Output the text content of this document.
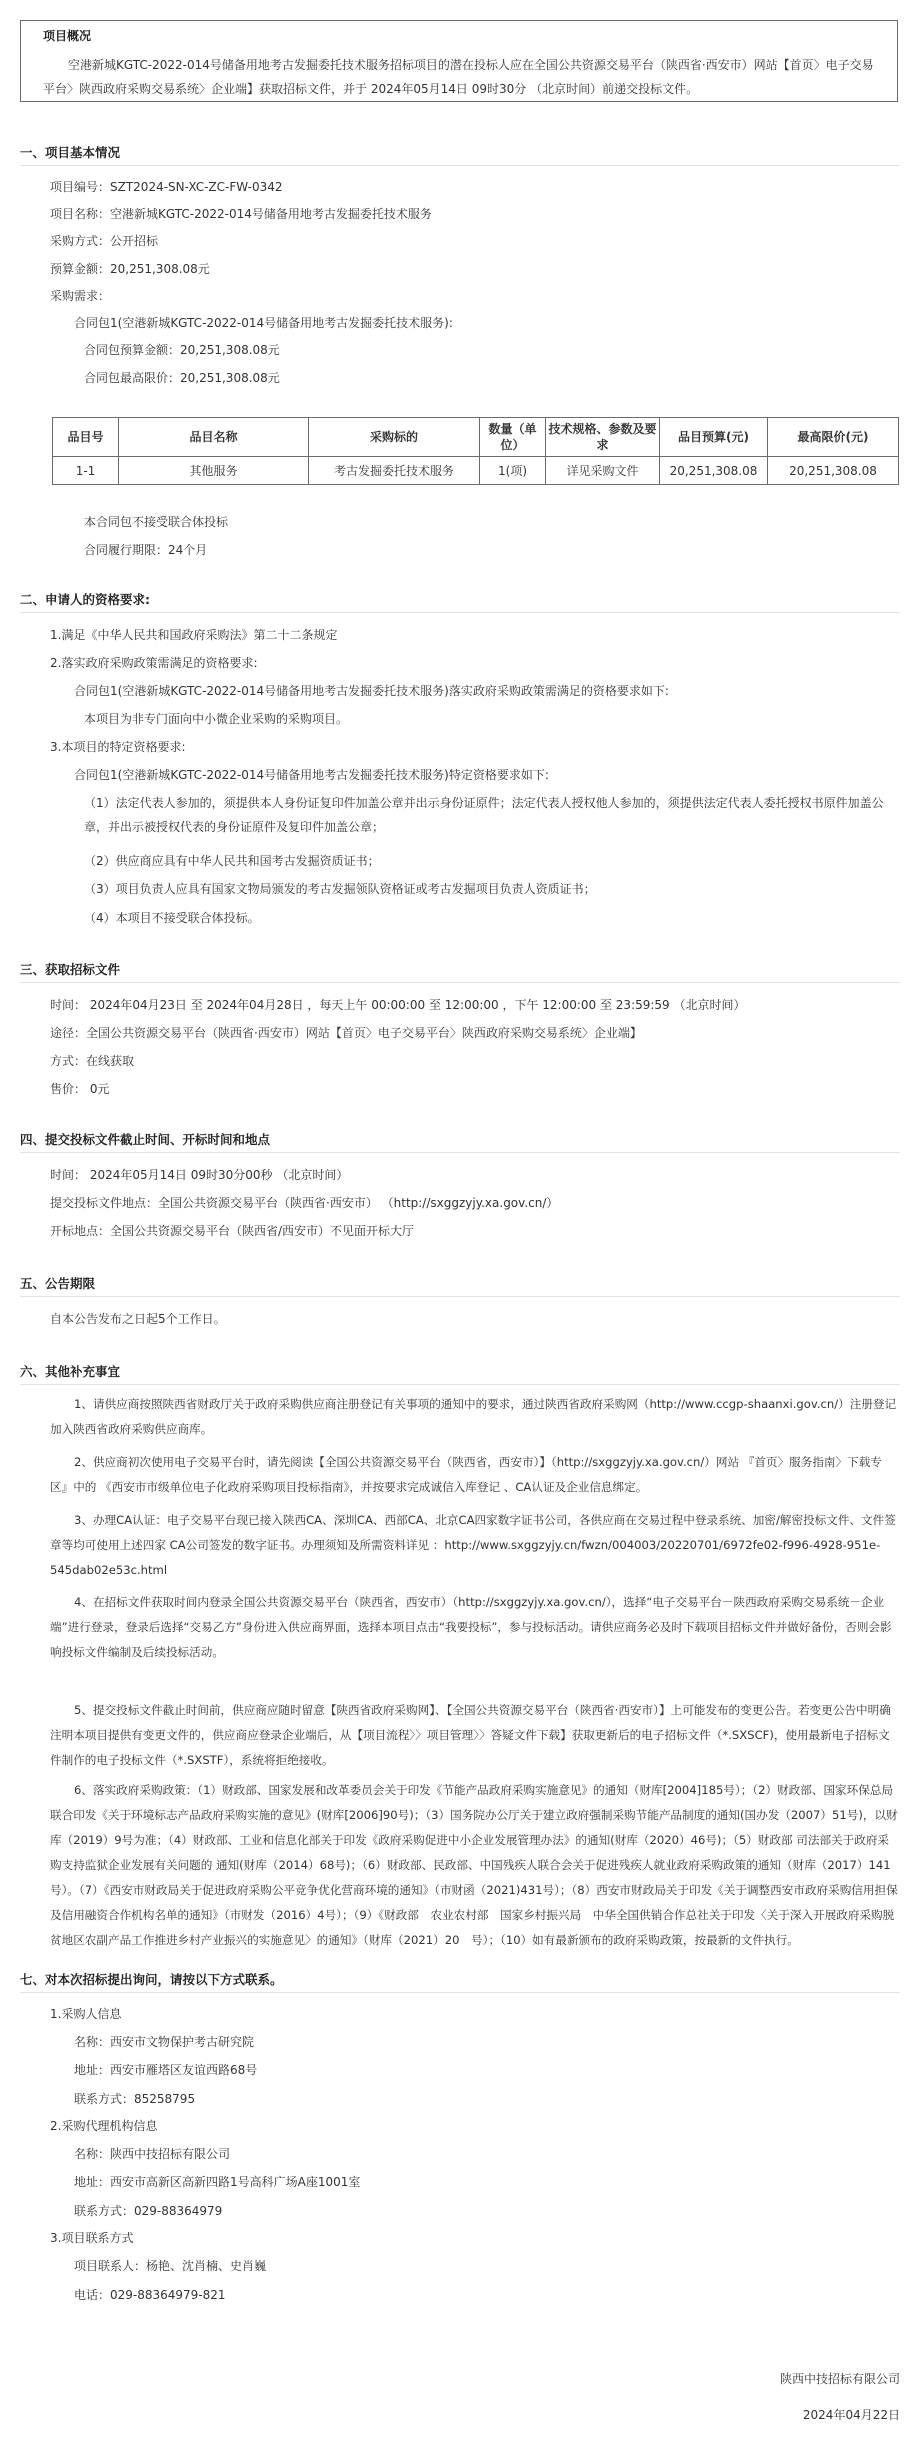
项目概况
空港新城KGTC-2022-014号储备用地考古发掘委托技术服务招标项目的潜在投标人应在全国公共资源交易平台（陕西省·西安市）网站【首页〉电子交易平台〉陕西政府采购交易系统〉企业端】获取招标文件，并于 2024年05月14日 09时30分 （北京时间）前递交投标文件。
一、项目基本情况
项目编号：SZT2024-SN-XC-ZC-FW-0342
项目名称：空港新城KGTC-2022-014号储备用地考古发掘委托技术服务
采购方式：公开招标
预算金额：20,251,308.08元
采购需求：
合同包1(空港新城KGTC-2022-014号储备用地考古发掘委托技术服务):
合同包预算金额：20,251,308.08元
合同包最高限价：20,251,308.08元
品目号	品目名称	采购标的	数量（单位）	技术规格、参数及要求	品目预算(元)	最高限价(元)
1-1	其他服务	考古发掘委托技术服务	1(项)	详见采购文件	20,251,308.08	20,251,308.08
本合同包不接受联合体投标
合同履行期限：24个月
二、申请人的资格要求:
1.满足《中华人民共和国政府采购法》第二十二条规定
2.落实政府采购政策需满足的资格要求:
合同包1(空港新城KGTC-2022-014号储备用地考古发掘委托技术服务)落实政府采购政策需满足的资格要求如下:
本项目为非专门面向中小微企业采购的采购项目。
3.本项目的特定资格要求:
合同包1(空港新城KGTC-2022-014号储备用地考古发掘委托技术服务)特定资格要求如下:
（1）法定代表人参加的，须提供本人身份证复印件加盖公章并出示身份证原件；法定代表人授权他人参加的，须提供法定代表人委托授权书原件加盖公章，并出示被授权代表的身份证原件及复印件加盖公章；
（2）供应商应具有中华人民共和国考古发掘资质证书；
（3）项目负责人应具有国家文物局颁发的考古发掘领队资格证或考古发掘项目负责人资质证书；
（4）本项目不接受联合体投标。
三、获取招标文件
时间： 2024年04月23日 至 2024年04月28日 ，每天上午 00:00:00 至 12:00:00 ，下午 12:00:00 至 23:59:59 （北京时间）
途径：全国公共资源交易平台（陕西省·西安市）网站【首页〉电子交易平台〉陕西政府采购交易系统〉企业端】
方式：在线获取
售价： 0元
四、提交投标文件截止时间、开标时间和地点
时间： 2024年05月14日 09时30分00秒 （北京时间）
提交投标文件地点：全国公共资源交易平台（陕西省·西安市） （http://sxggzyjy.xa.gov.cn/）
开标地点：全国公共资源交易平台（陕西省/西安市）不见面开标大厅
五、公告期限
自本公告发布之日起5个工作日。
六、其他补充事宜
1、请供应商按照陕西省财政厅关于政府采购供应商注册登记有关事项的通知中的要求，通过陕西省政府采购网（http://www.ccgp-shaanxi.gov.cn/）注册登记加入陕西省政府采购供应商库。
2、供应商初次使用电子交易平台时，请先阅读【全国公共资源交易平台（陕西省，西安市）】（http://sxggzyjy.xa.gov.cn/）网站 『首页〉服务指南〉下载专区』中的 《西安市市级单位电子化政府采购项目投标指南》，并按要求完成诚信入库登记 、CA认证及企业信息绑定。
3、办理CA认证：电子交易平台现已接入陕西CA、深圳CA、西部CA、北京CA四家数字证书公司，各供应商在交易过程中登录系统、加密/解密投标文件、文件签章等均可使用上述四家 CA公司签发的数字证书。办理须知及所需资料详见 ：http://www.sxggzyjy.cn/fwzn/004003/20220701/6972fe02-f996-4928-951e-545dab02e53c.html
4、在招标文件获取时间内登录全国公共资源交易平台（陕西省，西安市）（http://sxggzyjy.xa.gov.cn/），选择“电子交易平台－陕西政府采购交易系统－企业端”进行登录，登录后选择“交易乙方”身份进入供应商界面，选择本项目点击“我要投标”，参与投标活动。请供应商务必及时下载项目招标文件并做好备份，否则会影响投标文件编制及后续投标活动。
5、提交投标文件截止时间前，供应商应随时留意【陕西省政府采购网】、【全国公共资源交易平台（陕西省·西安市）】上可能发布的变更公告。若变更公告中明确注明本项目提供有变更文件的，供应商应登录企业端后，从【项目流程〉〉项目管理〉〉答疑文件下载】获取更新后的电子招标文件（*.SXSCF)，使用最新电子招标文件制作的电子投标文件（*.SXSTF），系统将拒绝接收。
6、落实政府采购政策：（1）财政部、国家发展和改革委员会关于印发《节能产品政府采购实施意见》的通知（财库[2004]185号）；（2）财政部、国家环保总局联合印发《关于环境标志产品政府采购实施的意见》(财库[2006]90号)；（3）国务院办公厅关于建立政府强制采购节能产品制度的通知(国办发（2007）51号)，以财库（2019）9号为准；（4）财政部、工业和信息化部关于印发《政府采购促进中小企业发展管理办法》的通知(财库（2020）46号)；（5）财政部 司法部关于政府采购支持监狱企业发展有关问题的 通知(财库（2014）68号)；（6）财政部、民政部、中国残疾人联合会关于促进残疾人就业政府采购政策的通知（财库（2017）141号）。（7）《西安市财政局关于促进政府采购公平竞争优化营商环境的通知》（市财函（2021)431号）；（8）西安市财政局关于印发《关于调整西安市政府采购信用担保及信用融资合作机构名单的通知》（市财发（2016）4号）；（9）《财政部　农业农村部　国家乡村振兴局　中华全国供销合作总社关于印发〈关于深入开展政府采购脱贫地区农副产品工作推进乡村产业振兴的实施意见〉的通知》（财库（2021）20　号）；（10）如有最新颁布的政府采购政策，按最新的文件执行。
七、对本次招标提出询问，请按以下方式联系。
1.采购人信息
名称：西安市文物保护考古研究院
地址：西安市雁塔区友谊西路68号
联系方式：85258795
2.采购代理机构信息
名称：陕西中技招标有限公司
地址：西安市高新区高新四路1号高科广场A座1001室
联系方式：029-88364979
3.项目联系方式
项目联系人：杨艳、沈肖楠、史肖巍
电话：029-88364979-821
陕西中技招标有限公司
2024年04月22日
